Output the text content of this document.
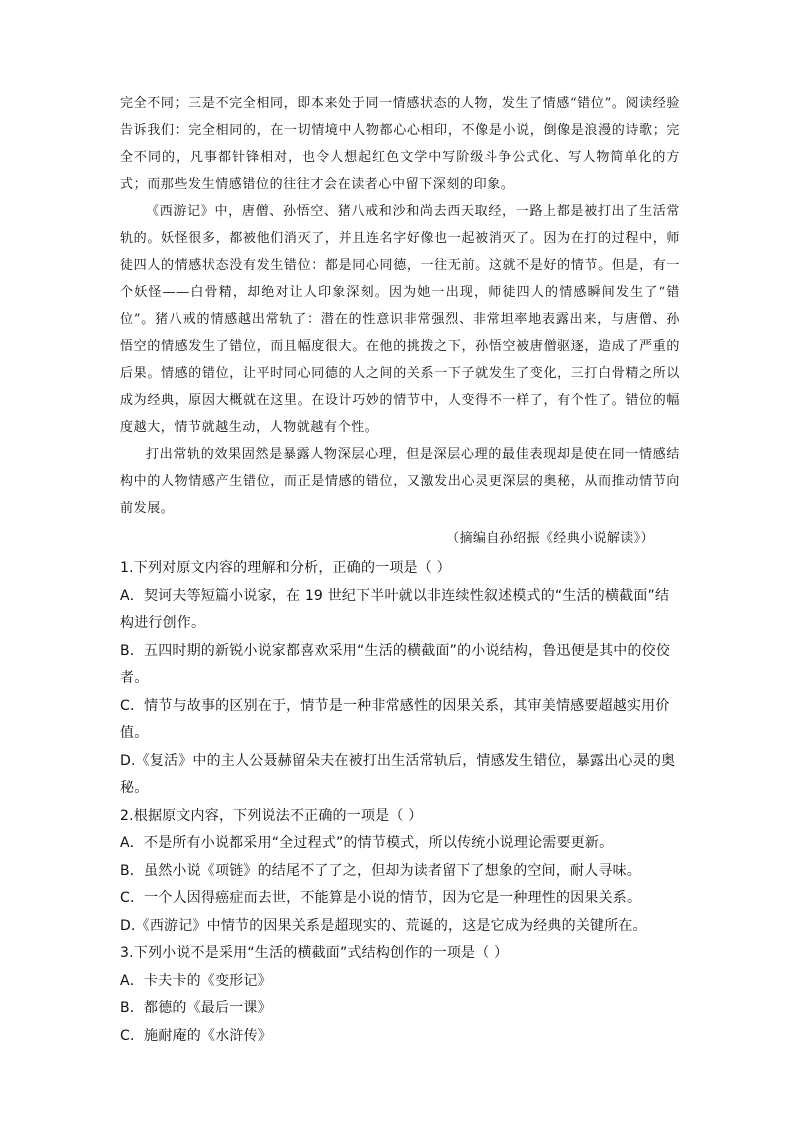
完全不同；三是不完全相同，即本来处于同一情感状态的人物，发生了情感“错位”。阅读经验告诉我们：完全相同的，在一切情境中人物都心心相印，不像是小说，倒像是浪漫的诗歌；完全不同的，凡事都针锋相对，也令人想起红色文学中写阶级斗争公式化、写人物简单化的方式；而那些发生情感错位的往往才会在读者心中留下深刻的印象。

《西游记》中，唐僧、孙悟空、猪八戒和沙和尚去西天取经，一路上都是被打出了生活常轨的。妖怪很多，都被他们消灭了，并且连名字好像也一起被消灭了。因为在打的过程中，师徒四人的情感状态没有发生错位：都是同心同德，一往无前。这就不是好的情节。但是，有一个妖怪——白骨精，却绝对让人印象深刻。因为她一出现，师徒四人的情感瞬间发生了“错位”。猪八戒的情感越出常轨了：潜在的性意识非常强烈、非常坦率地表露出来，与唐僧、孙悟空的情感发生了错位，而且幅度很大。在他的挑拨之下，孙悟空被唐僧驱逐，造成了严重的后果。情感的错位，让平时同心同德的人之间的关系一下子就发生了变化，三打白骨精之所以成为经典，原因大概就在这里。在设计巧妙的情节中，人变得不一样了，有个性了。错位的幅度越大，情节就越生动，人物就越有个性。

打出常轨的效果固然是暴露人物深层心理，但是深层心理的最佳表现却是使在同一情感结构中的人物情感产生错位，而正是情感的错位，又激发出心灵更深层的奥秘，从而推动情节向前发展。

（摘编自孙绍振《经典小说解读》）

1.下列对原文内容的理解和分析，正确的一项是（ ）

A．契诃夫等短篇小说家，在 19 世纪下半叶就以非连续性叙述模式的“生活的横截面”结构进行创作。

B．五四时期的新锐小说家都喜欢采用“生活的横截面”的小说结构，鲁迅便是其中的佼佼者。

C．情节与故事的区别在于，情节是一种非常感性的因果关系，其审美情感要超越实用价值。

D.《复活》中的主人公聂赫留朵夫在被打出生活常轨后，情感发生错位，暴露出心灵的奥秘。

2.根据原文内容，下列说法不正确的一项是（ ）

A．不是所有小说都采用“全过程式”的情节模式，所以传统小说理论需要更新。

B．虽然小说《项链》的结尾不了了之，但却为读者留下了想象的空间，耐人寻味。

C．一个人因得癌症而去世，不能算是小说的情节，因为它是一种理性的因果关系。

D.《西游记》中情节的因果关系是超现实的、荒诞的，这是它成为经典的关键所在。

3.下列小说不是采用“生活的横截面”式结构创作的一项是（ ）

A．卡夫卡的《变形记》

B．都德的《最后一课》

C．施耐庵的《水浒传》
